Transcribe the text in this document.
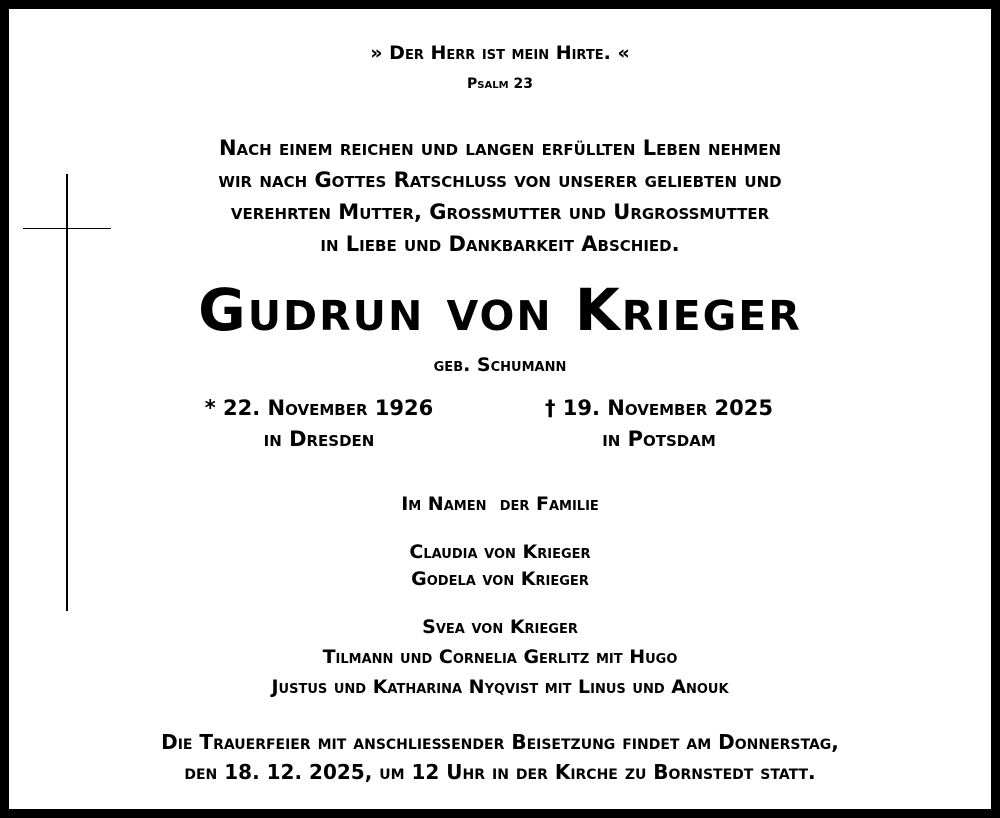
» Der Herr ist mein Hirte. «
Psalm 23
Nach einem reichen und langen erfüllten Leben nehmen
wir nach Gottes Ratschluss von unserer geliebten und
verehrten Mutter, Grossmutter und Urgrossmutter
in Liebe und Dankbarkeit Abschied.
Gudrun von Krieger
geb. Schumann
* 22. November 1926
in Dresden
† 19. November 2025
in Potsdam
Im Namen  der Familie
Claudia von Krieger
Godela von Krieger
Svea von Krieger
Tilmann und Cornelia Gerlitz mit Hugo
Justus und Katharina Nyqvist mit Linus und Anouk
Die Trauerfeier mit anschliessender Beisetzung findet am Donnerstag,
den 18. 12. 2025, um 12 Uhr in der Kirche zu Bornstedt statt.
